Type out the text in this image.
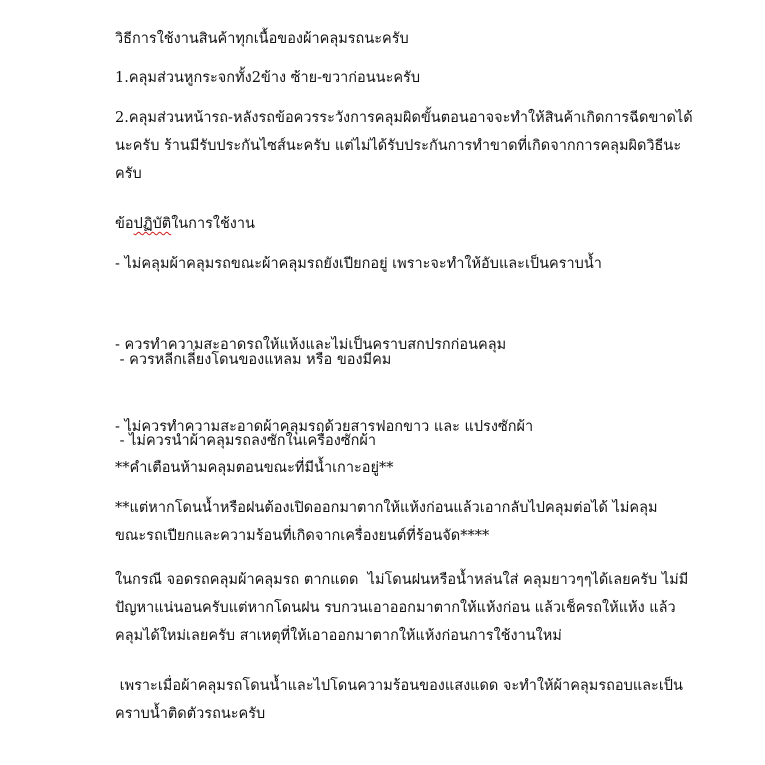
วิธีการใช้งานสินค้าทุกเนื้อของผ้าคลุมรถนะครับ

1.คลุมส่วนหูกระจกทั้ง2ข้าง ซ้าย-ขวาก่อนนะครับ

2.คลุมส่วนหน้ารถ-หลังรถข้อควรระวังการคลุมผิดขั้นตอนอาจจะทำให้สินค้าเกิดการฉีดขาดได้
นะครับ ร้านมีรับประกันไซส์นะครับ แต่ไม่ได้รับประกันการทำขาดที่เกิดจากการคลุมผิดวิธีนะ
ครับ

ข้อปฏิบัติในการใช้งาน

- ไม่คลุมผ้าคลุมรถขณะผ้าคลุมรถยังเปียกอยู่ เพราะจะทำให้อับและเป็นคราบน้ำ

- ควรหลีกเลี่ยงโดนของแหลม หรือ ของมีคม

- ควรทำความสะอาดรถให้แห้งและไม่เป็นคราบสกปรกก่อนคลุม

- ไม่ควรนำผ้าคลุมรถลงซักในเครื่องซักผ้า

- ไม่ควรทำความสะอาดผ้าคลุมรถด้วยสารฟอกขาว และ แปรงซักผ้า

**คำเตือนห้ามคลุมตอนขณะที่มีน้ำเกาะอยู่**

**แต่หากโดนน้ำหรือฝนต้องเปิดออกมาตากให้แห้งก่อนแล้วเอากลับไปคลุมต่อได้ ไม่คลุม
ขณะรถเปียกและความร้อนที่เกิดจากเครื่องยนต์ที่ร้อนจัด****

ในกรณี จอดรถคลุมผ้าคลุมรถ ตากแดด  ไม่โดนฝนหรือน้ำหล่นใส่ คลุมยาวๆๆได้เลยครับ ไม่มี
ปัญหาแน่นอนครับแต่หากโดนฝน รบกวนเอาออกมาตากให้แห้งก่อน แล้วเช็ครถให้แห้ง แล้ว
คลุมได้ใหม่เลยครับ สาเหตุที่ให้เอาออกมาตากให้แห้งก่อนการใช้งานใหม่

เพราะเมื่อผ้าคลุมรถโดนน้ำและไปโดนความร้อนของแสงแดด จะทำให้ผ้าคลุมรถอบและเป็น
คราบน้ำติดตัวรถนะครับ
